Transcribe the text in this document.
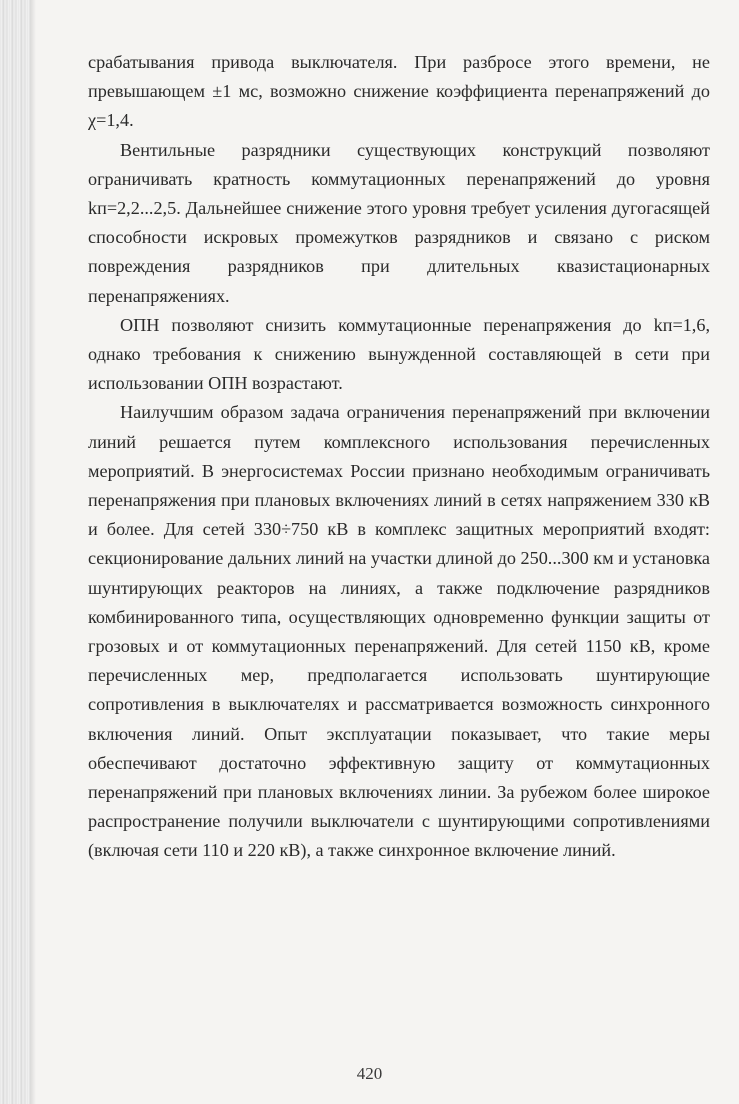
срабатывания привода выключателя. При разбросе этого времени, не превышающем ±1 мс, возможно снижение коэффициента перенапряжений до χ=1,4.

Вентильные разрядники существующих конструкций позволяют ограничивать кратность коммутационных перенапряжений до уровня kп=2,2...2,5. Дальнейшее снижение этого уровня требует усиления дугогасящей способности искровых промежутков разрядников и связано с риском повреждения разрядников при длительных квазистационарных перенапряжениях.

ОПН позволяют снизить коммутационные перенапряжения до kп=1,6, однако требования к снижению вынужденной составляющей в сети при использовании ОПН возрастают.

Наилучшим образом задача ограничения перенапряжений при включении линий решается путем комплексного использования перечисленных мероприятий. В энергосистемах России признано необходимым ограничивать перенапряжения при плановых включениях линий в сетях напряжением 330 кВ и более. Для сетей 330÷750 кВ в комплекс защитных мероприятий входят: секционирование дальних линий на участки длиной до 250...300 км и установка шунтирующих реакторов на линиях, а также подключение разрядников комбинированного типа, осуществляющих одновременно функции защиты от грозовых и от коммутационных перенапряжений. Для сетей 1150 кВ, кроме перечисленных мер, предполагается использовать шунтирующие сопротивления в выключателях и рассматривается возможность синхронного включения линий. Опыт эксплуатации показывает, что такие меры обеспечивают достаточно эффективную защиту от коммутационных перенапряжений при плановых включениях линии. За рубежом более широкое распространение получили выключатели с шунтирующими сопротивлениями (включая сети 110 и 220 кВ), а также синхронное включение линий.

420
